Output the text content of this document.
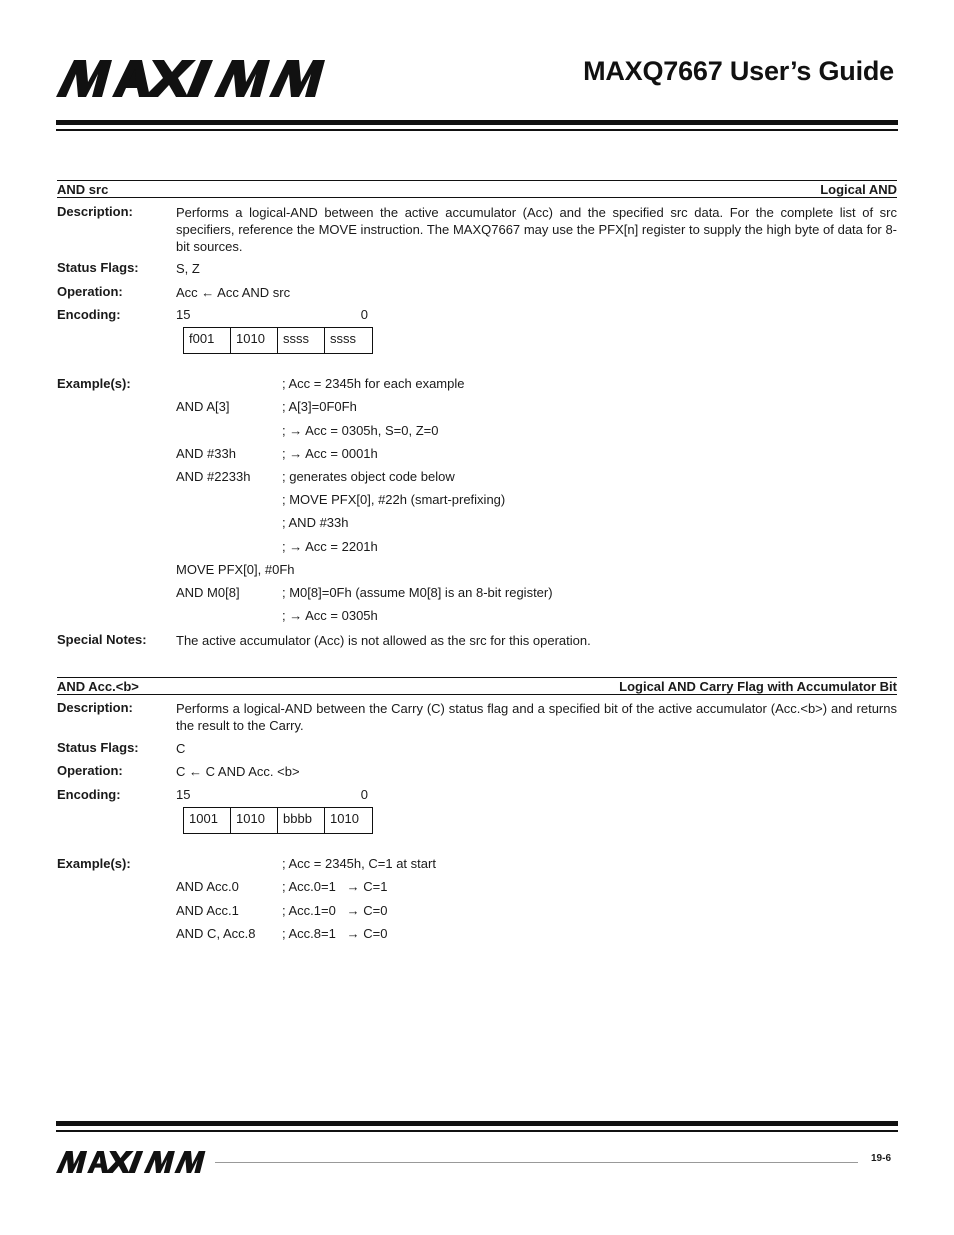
MAXQ7667 User’s Guide
AND src	Logical AND
Description:	Performs a logical-AND between the active accumulator (Acc) and the specified src data. For the complete list of src specifiers, reference the MOVE instruction. The MAXQ7667 may use the PFX[n] register to supply the high byte of data for 8-bit sources.
Status Flags:	S, Z
Operation:	Acc ← Acc AND src
Encoding:	15	0
f001	1010	ssss	ssss
Example(s):	; Acc = 2345h for each example
AND A[3]	; A[3]=0F0Fh
; → Acc = 0305h, S=0, Z=0
AND #33h	; → Acc = 0001h
AND #2233h ; generates object code below
; MOVE PFX[0], #22h (smart-prefixing)
; AND #33h
; → Acc = 2201h
MOVE PFX[0], #0Fh
AND M0[8]	; M0[8]=0Fh (assume M0[8] is an 8-bit register)
; → Acc = 0305h
Special Notes: The active accumulator (Acc) is not allowed as the src for this operation.
AND Acc.<b>	Logical AND Carry Flag with Accumulator Bit
Description:	Performs a logical-AND between the Carry (C) status flag and a specified bit of the active accumulator (Acc.<b>) and returns the result to the Carry.
Status Flags:	C
Operation:	C ← C AND Acc. <b>
Encoding:	15	0
1001	1010	bbbb	1010
Example(s):	; Acc = 2345h, C=1 at start
AND Acc.0	; Acc.0=1   → C=1
AND Acc.1	; Acc.1=0   → C=0
AND C, Acc.8 ; Acc.8=1   → C=0
19-6
